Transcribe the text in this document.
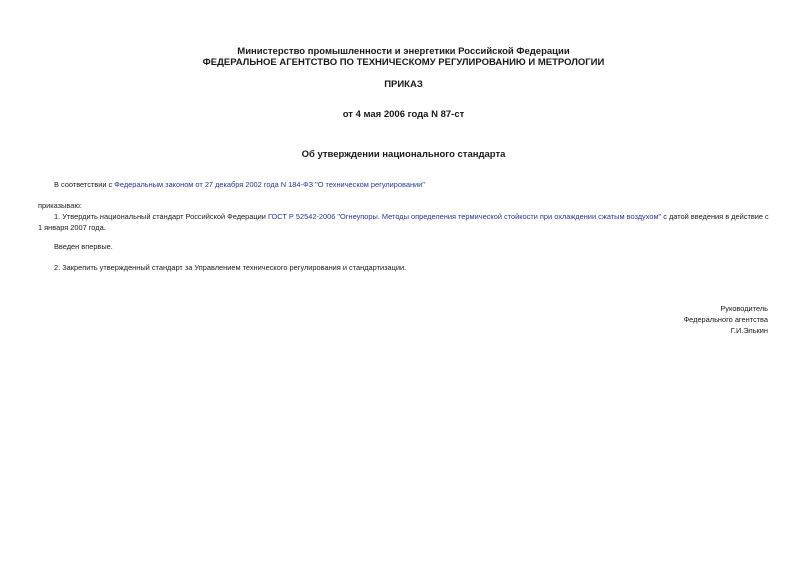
Министерство промышленности и энергетики Российской Федерации
ФЕДЕРАЛЬНОЕ АГЕНТСТВО ПО ТЕХНИЧЕСКОМУ РЕГУЛИРОВАНИЮ И МЕТРОЛОГИИ
ПРИКАЗ
от 4 мая 2006 года N 87-ст
Об утверждении национального стандарта
В соответствии с Федеральным законом от 27 декабря 2002 года N 184-ФЗ "О техническом регулировании"
приказываю:
1. Утвердить национальный стандарт Российской Федерации ГОСТ Р 52542-2006 "Огнеупоры. Методы определения термической стойкости при охлаждении сжатым воздухом" с датой введения в действие с 1 января 2007 года.
Введен впервые.
2. Закрепить утвержденный стандарт за Управлением технического регулирования и стандартизации.
Руководитель
Федерального агентства
Г.И.Элькин
